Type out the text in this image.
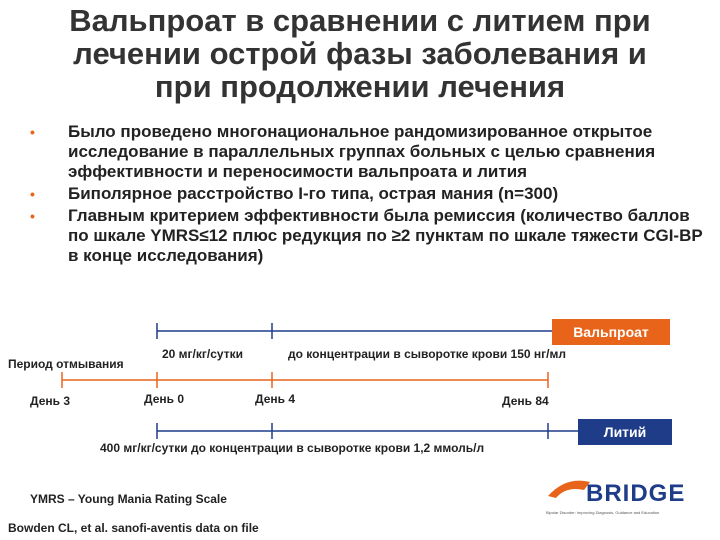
Вальпроат в сравнении с литием при
лечении острой фазы заболевания и
при продолжении лечения
• Было проведено многонациональное рандомизированное открытое исследование в параллельных группах больных с целью сравнения эффективности и переносимости вальпроата и лития
• Биполярное расстройство I-го типа, острая мания (n=300)
• Главным критерием эффективности была ремиссия (количество баллов по шкале YMRS≤12 плюс редукция по ≥2 пунктам по шкале тяжести CGI-BP в конце исследования)
Вальпроат
Литий
Период отмывания
20 мг/кг/сутки	до концентрации в сыворотке крови 150 нг/мл
День 3	День 0	День 4	День 84
400 мг/кг/сутки до концентрации в сыворотке крови 1,2 ммоль/л
YMRS – Young Mania Rating Scale
Bowden CL, et al. sanofi-aventis data on file
BRIDGE
Bipolar Disorder: Improving Diagnosis, Guidance and Education
